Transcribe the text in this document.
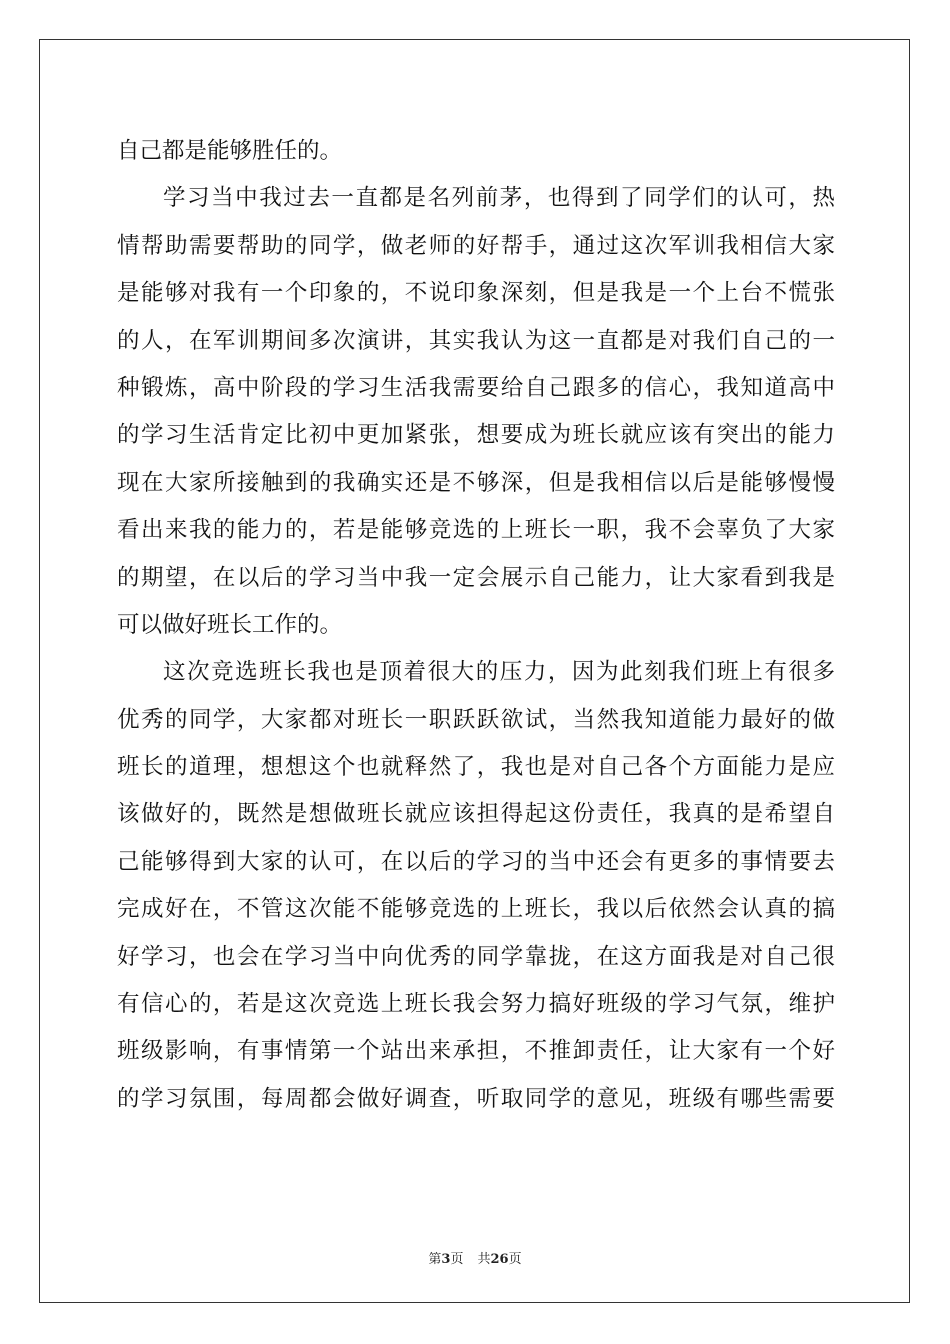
自己都是能够胜任的。
学习当中我过去一直都是名列前茅，也得到了同学们的认可，热
情帮助需要帮助的同学，做老师的好帮手，通过这次军训我相信大家
是能够对我有一个印象的，不说印象深刻，但是我是一个上台不慌张
的人，在军训期间多次演讲，其实我认为这一直都是对我们自己的一
种锻炼，高中阶段的学习生活我需要给自己跟多的信心，我知道高中
的学习生活肯定比初中更加紧张，想要成为班长就应该有突出的能力
现在大家所接触到的我确实还是不够深，但是我相信以后是能够慢慢
看出来我的能力的，若是能够竞选的上班长一职，我不会辜负了大家
的期望，在以后的学习当中我一定会展示自己能力，让大家看到我是
可以做好班长工作的。
这次竞选班长我也是顶着很大的压力，因为此刻我们班上有很多
优秀的同学，大家都对班长一职跃跃欲试，当然我知道能力最好的做
班长的道理，想想这个也就释然了，我也是对自己各个方面能力是应
该做好的，既然是想做班长就应该担得起这份责任，我真的是希望自
己能够得到大家的认可，在以后的学习的当中还会有更多的事情要去
完成好在，不管这次能不能够竞选的上班长，我以后依然会认真的搞
好学习，也会在学习当中向优秀的同学靠拢，在这方面我是对自己很
有信心的，若是这次竞选上班长我会努力搞好班级的学习气氛，维护
班级影响，有事情第一个站出来承担，不推卸责任，让大家有一个好
的学习氛围，每周都会做好调查，听取同学的意见，班级有哪些需要
第3页 共26页
